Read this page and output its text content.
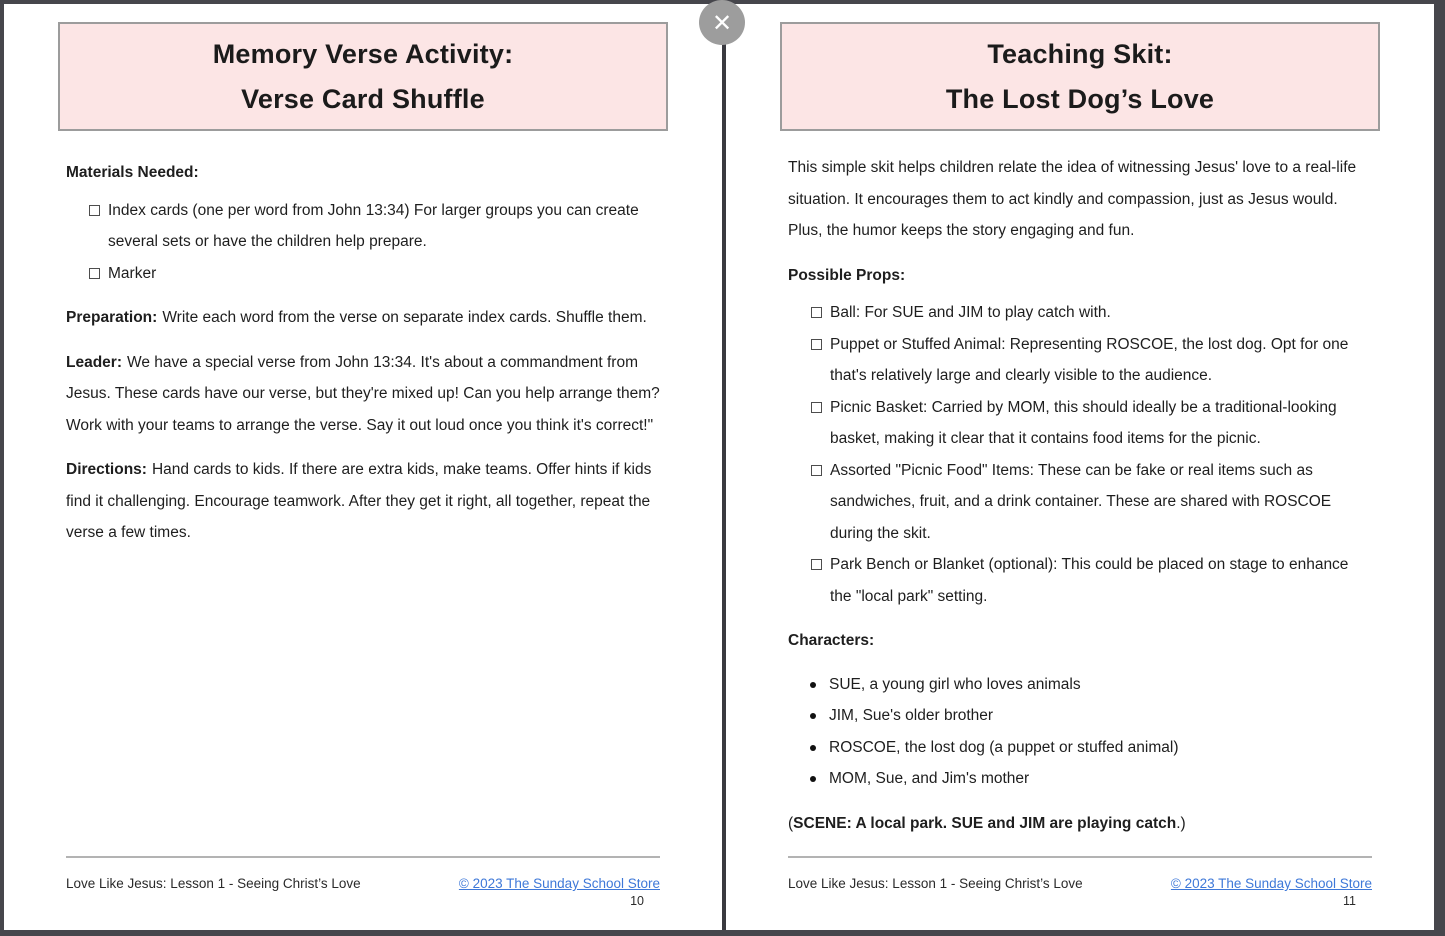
Memory Verse Activity:
Verse Card Shuffle
Materials Needed:
Index cards (one per word from John 13:34) For larger groups you can create several sets or have the children help prepare.
Marker

Preparation: Write each word from the verse on separate index cards. Shuffle them.

Leader: We have a special verse from John 13:34. It's about a commandment from Jesus. These cards have our verse, but they're mixed up! Can you help arrange them? Work with your teams to arrange the verse. Say it out loud once you think it's correct!"

Directions: Hand cards to kids. If there are extra kids, make teams. Offer hints if kids find it challenging. Encourage teamwork. After they get it right, all together, repeat the verse a few times.

Love Like Jesus: Lesson 1 - Seeing Christ’s Love	© 2023 The Sunday School Store
10
Teaching Skit:
The Lost Dog’s Love

This simple skit helps children relate the idea of witnessing Jesus' love to a real-life situation. It encourages them to act kindly and compassion, just as Jesus would. Plus, the humor keeps the story engaging and fun.

Possible Props:
Ball: For SUE and JIM to play catch with.
Puppet or Stuffed Animal: Representing ROSCOE, the lost dog. Opt for one that's relatively large and clearly visible to the audience.
Picnic Basket: Carried by MOM, this should ideally be a traditional-looking basket, making it clear that it contains food items for the picnic.
Assorted "Picnic Food" Items: These can be fake or real items such as sandwiches, fruit, and a drink container. These are shared with ROSCOE during the skit.
Park Bench or Blanket (optional): This could be placed on stage to enhance the "local park" setting.
Characters:
SUE, a young girl who loves animals
JIM, Sue's older brother
ROSCOE, the lost dog (a puppet or stuffed animal)
MOM, Sue, and Jim's mother

(SCENE: A local park. SUE and JIM are playing catch.)

Love Like Jesus: Lesson 1 - Seeing Christ’s Love	© 2023 The Sunday School Store
11
✕
